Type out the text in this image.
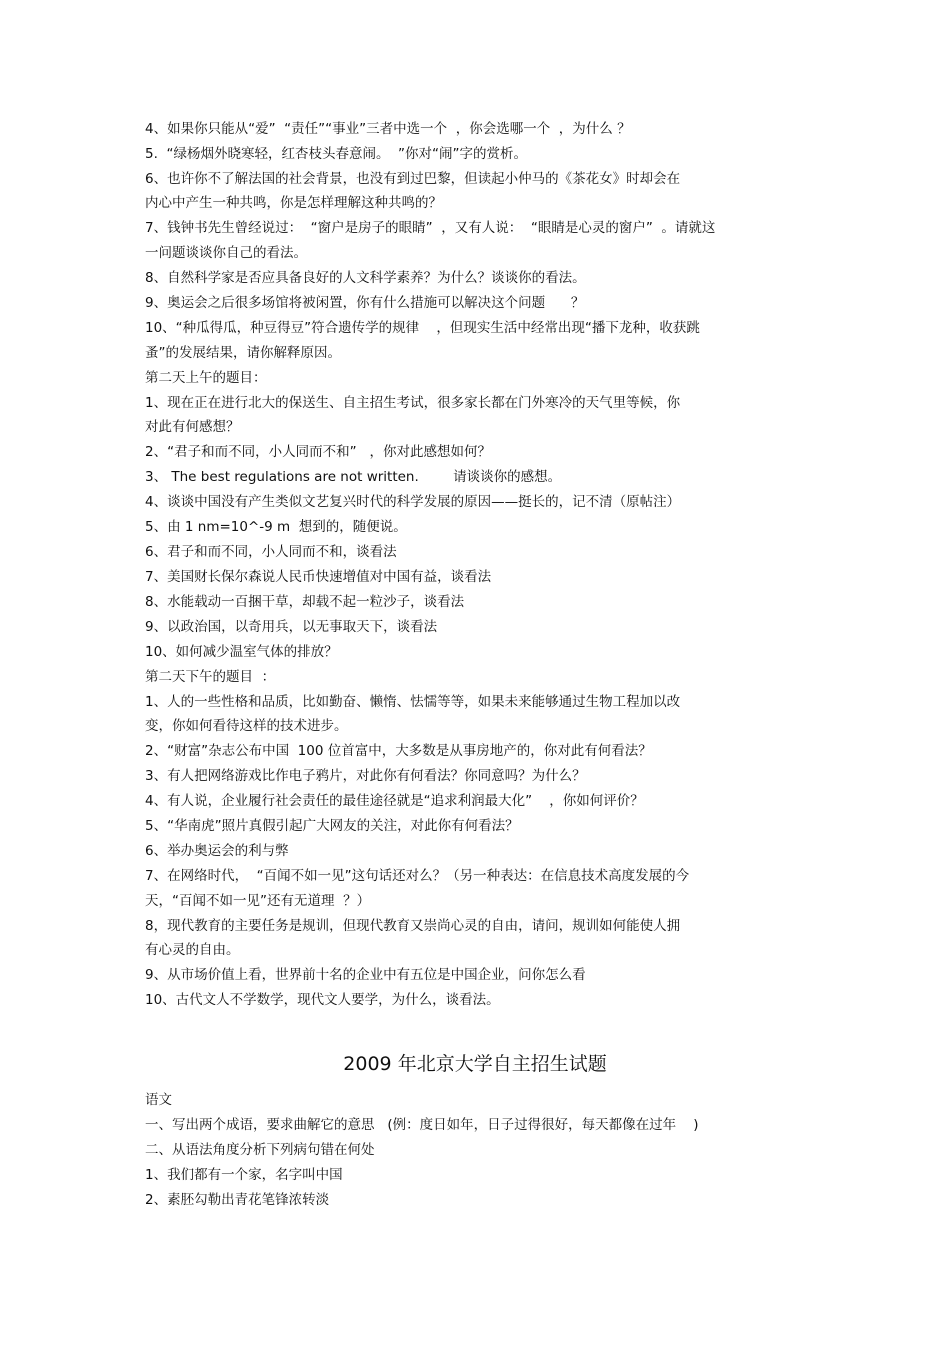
4、如果你只能从“爱”  “责任”“事业”三者中选一个  ，你会选哪一个  ，为什么 ？
5.  “绿杨烟外晓寒轻，红杏枝头春意闹。  ”你对“闹”字的赏析。
6、也许你不了解法国的社会背景，也没有到过巴黎，但读起小仲马的《茶花女》时却会在
内心中产生一种共鸣，你是怎样理解这种共鸣的？
7、钱钟书先生曾经说过：  “窗户是房子的眼睛”  ，又有人说：  “眼睛是心灵的窗户”  。请就这
一问题谈谈你自己的看法。
8、自然科学家是否应具备良好的人文科学素养？为什么？谈谈你的看法。
9、奥运会之后很多场馆将被闲置，你有什么措施可以解决这个问题      ？
10、“种瓜得瓜，种豆得豆”符合遗传学的规律    ，但现实生活中经常出现“播下龙种，收获跳
蚤”的发展结果，请你解释原因。
第二天上午的题目：
1、现在正在进行北大的保送生、自主招生考试，很多家长都在门外寒冷的天气里等候，你
对此有何感想？
2、“君子和而不同，小人同而不和”   ，你对此感想如何？
3、 The best regulations are not written.        请谈谈你的感想。
4、谈谈中国没有产生类似文艺复兴时代的科学发展的原因——挺长的，记不清（原帖注）
5、由 1 nm=10^-9 m  想到的，随便说。
6、君子和而不同，小人同而不和，谈看法
7、美国财长保尔森说人民币快速增值对中国有益，谈看法
8、水能载动一百捆干草，却载不起一粒沙子，谈看法
9、以政治国，以奇用兵，以无事取天下，谈看法
10、如何减少温室气体的排放？
第二天下午的题目  ：
1、人的一些性格和品质，比如勤奋、懒惰、怯懦等等，如果未来能够通过生物工程加以改
变，你如何看待这样的技术进步。
2、“财富”杂志公布中国  100 位首富中，大多数是从事房地产的，你对此有何看法？
3、有人把网络游戏比作电子鸦片，对此你有何看法？你同意吗？为什么？
4、有人说，企业履行社会责任的最佳途径就是“追求利润最大化”    ，你如何评价？
5、“华南虎”照片真假引起广大网友的关注，对此你有何看法？
6、举办奥运会的利与弊
7、在网络时代，  “百闻不如一见”这句话还对么？（另一种表达：在信息技术高度发展的今
天，“百闻不如一见”还有无道理  ？）
8，现代教育的主要任务是规训，但现代教育又崇尚心灵的自由，请问，规训如何能使人拥
有心灵的自由。
9、从市场价值上看，世界前十名的企业中有五位是中国企业，问你怎么看
10、古代文人不学数学，现代文人要学，为什么，谈看法。
2009 年北京大学自主招生试题
语文
一、写出两个成语，要求曲解它的意思   (例：度日如年，日子过得很好，每天都像在过年    )
二、从语法角度分析下列病句错在何处
1、我们都有一个家，名字叫中国
2、素胚勾勒出青花笔锋浓转淡
